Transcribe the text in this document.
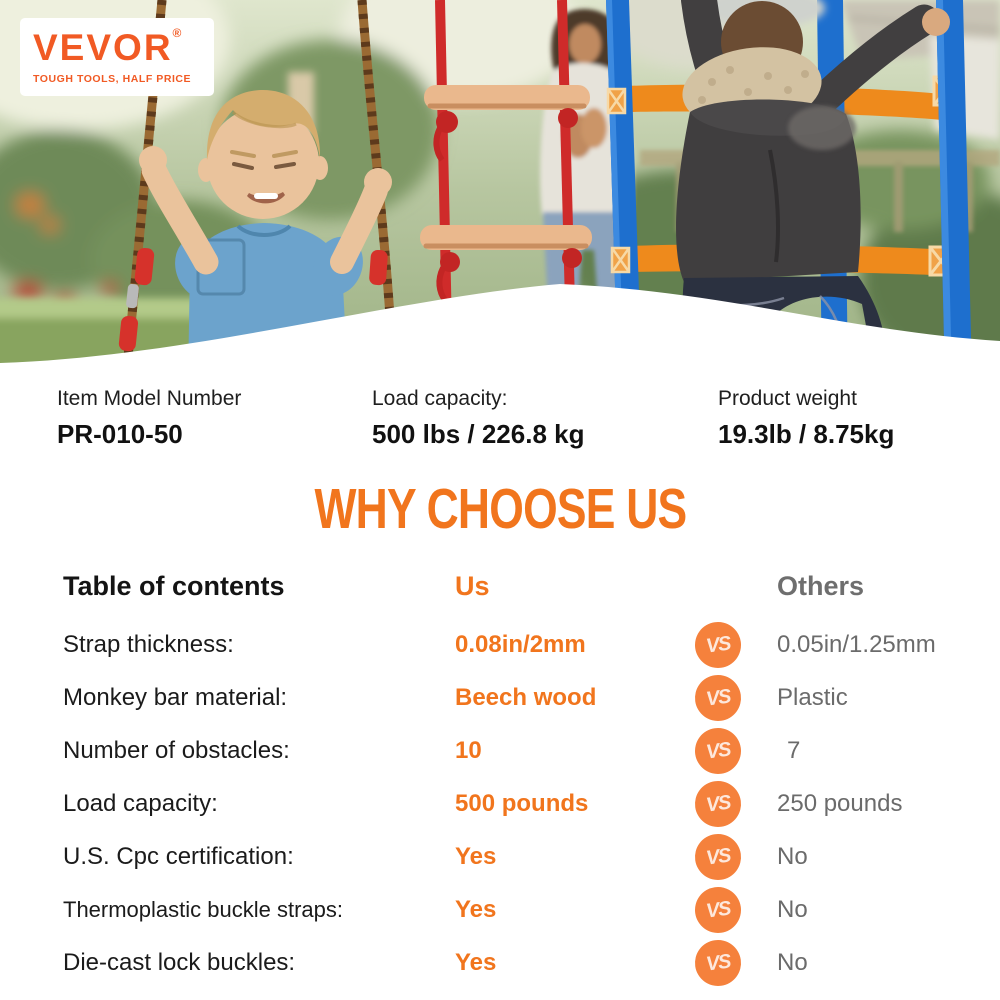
VEVOR®
TOUGH TOOLS, HALF PRICE
Item Model Number
PR-010-50
Load capacity:
500 lbs / 226.8 kg
Product weight
19.3lb / 8.75kg
WHY CHOOSE US
Table of contents	Us	Others
Strap thickness:	0.08in/2mm	VS 0.05in/1.25mm
Monkey bar material:	Beech wood	VS Plastic
Number of obstacles:	10	VS	7
Load capacity:	500 pounds	VS 250 pounds
U.S. Cpc certification:	Yes	VS No
Thermoplastic buckle straps:	Yes	VS No
Die-cast lock buckles:	Yes	VS No
